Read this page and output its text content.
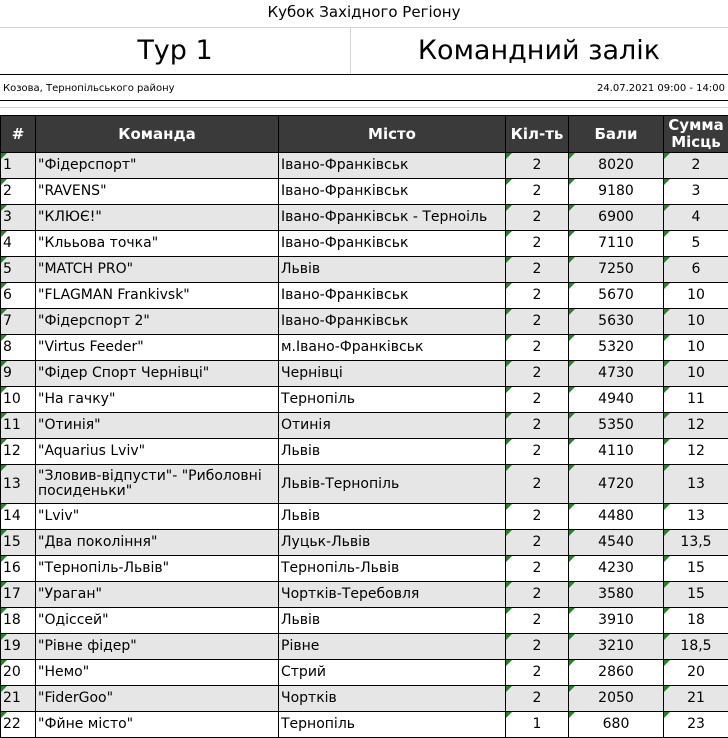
Кубок Західного Регіону
Тур 1	Командний залік
Козова, Тернопільського району	24.07.2021 09:00 - 14:00
#	Команда	Місто	Кіл-ть	Бали	Сумма Місць
1	"Фідерспорт"	Івано-Франківськ	2	8020	2
2	"RAVENS"	Івано-Франківськ	2	9180	3
3	"КЛЮЄ!"	Івано-Франківськ - Терноіль	2	6900	4
4	"Клььова точка"	Івано-Франківськ	2	7110	5
5	"MATCH PRO"	Львів	2	7250	6
6	"FLAGMAN Frankivsk"	Івано-Франківськ	2	5670	10
7	"Фідерспорт 2"	Івано-Франківськ	2	5630	10
8	"Virtus Feeder"	м.Івано-Франківськ	2	5320	10
9	"Фідер Спорт Чернівці"	Чернівці	2	4730	10
10	"На гачку"	Тернопіль	2	4940	11
11	"Отинія"	Отинія	2	5350	12
12	"Aquarius Lviv"	Львів	2	4110	12
13	"Зловив-відпусти"- "Риболовні посиденьки"	Львів-Тернопіль	2	4720	13
14	"Lviv"	Львів	2	4480	13
15	"Два покоління"	Луцьк-Львів	2	4540	13,5
16	"Тернопіль-Львів"	Тернопіль-Львів	2	4230	15
17	"Ураган"	Чортків-Теребовля	2	3580	15
18	"Одіссей"	Львів	2	3910	18
19	"Рівне фідер"	Рівне	2	3210	18,5
20	"Немо"	Стрий	2	2860	20
21	"FiderGoo"	Чортків	2	2050	21
22	"Фйне місто"	Тернопіль	1	680	23
